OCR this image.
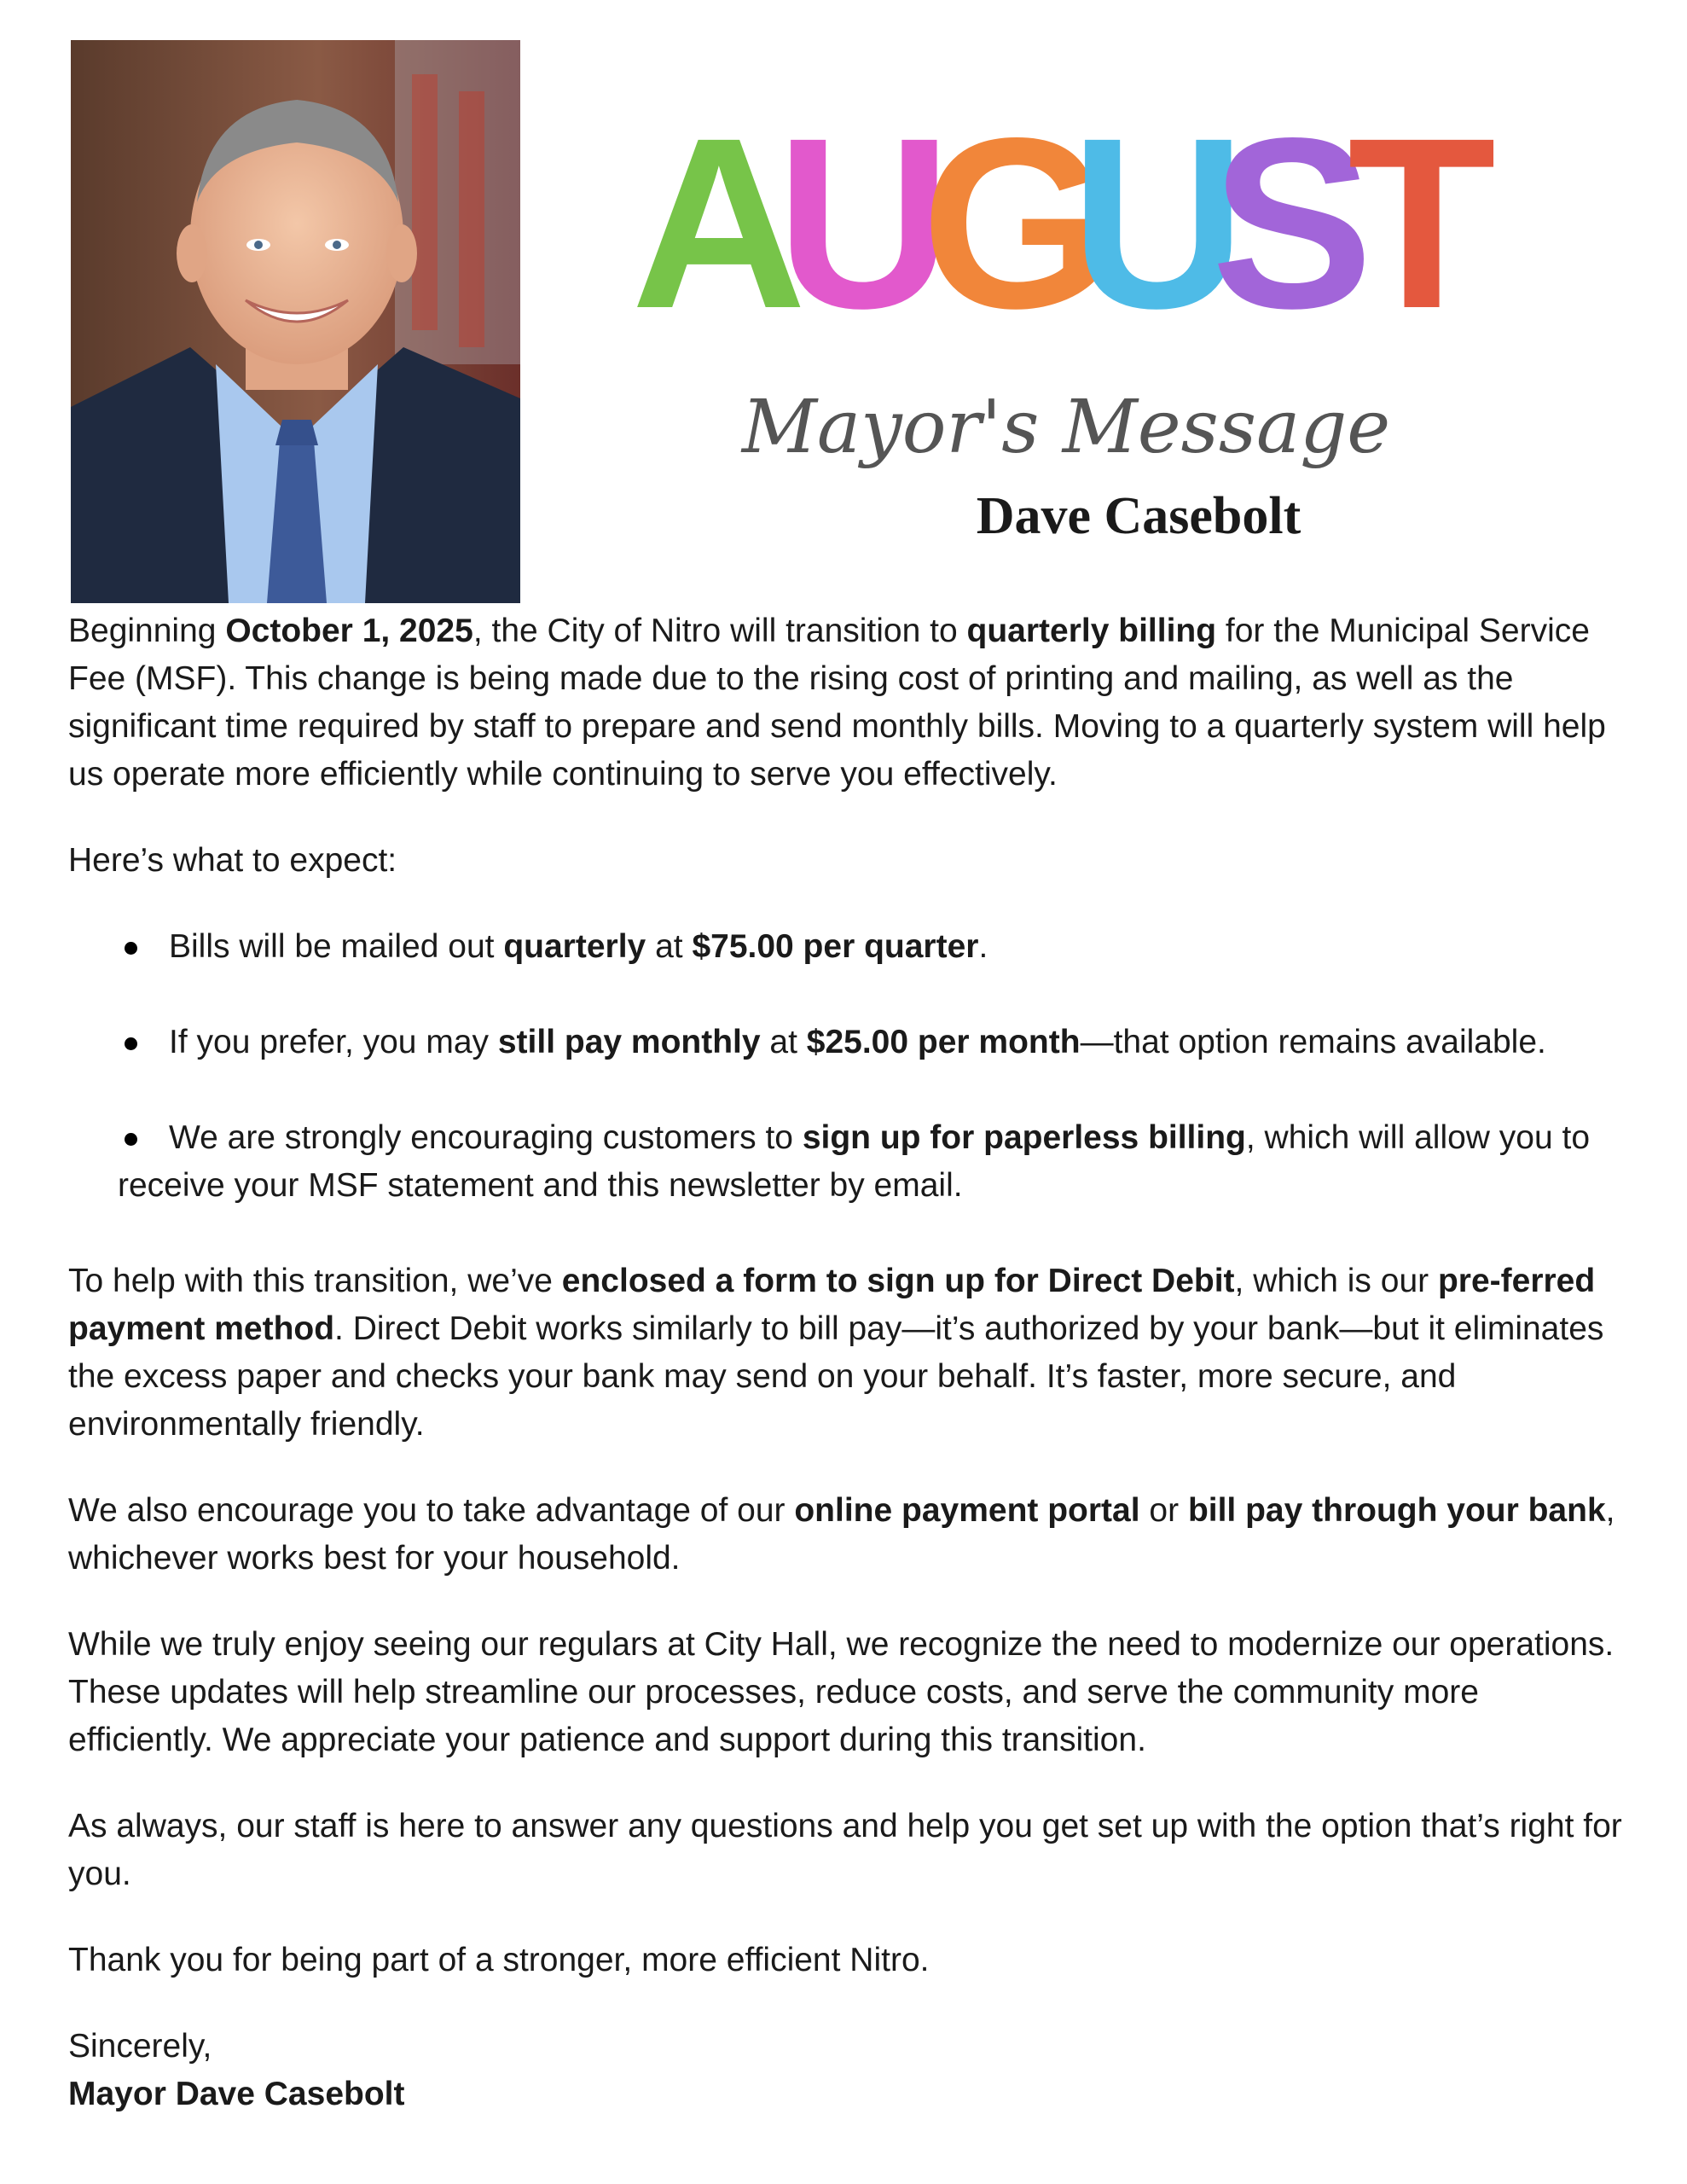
A
U
G
U
S
T
Mayor's Message
Dave Casebolt

Beginning October 1, 2025, the City of Nitro will transition to quarterly billing for the Municipal Service Fee (MSF). This change is being made due to the rising cost of printing and mailing, as well as the significant time required by staff to prepare and send monthly bills. Moving to a quarterly system will help us operate more efficiently while continuing to serve you effectively.

Here’s what to expect:

Bills will be mailed out quarterly at $75.00 per quarter.
If you prefer, you may still pay monthly at $25.00 per month—that option remains available.
We are strongly encouraging customers to sign up for paperless billing, which will allow you to receive your MSF statement and this newsletter by email.

To help with this transition, we’ve enclosed a form to sign up for Direct Debit, which is our pre-ferred payment method. Direct Debit works similarly to bill pay—it’s authorized by your bank—but it eliminates the excess paper and checks your bank may send on your behalf. It’s faster, more secure, and environmentally friendly.

We also encourage you to take advantage of our online payment portal or bill pay through your bank, whichever works best for your household.

While we truly enjoy seeing our regulars at City Hall, we recognize the need to modernize our operations. These updates will help streamline our processes, reduce costs, and serve the community more efficiently. We appreciate your patience and support during this transition.

As always, our staff is here to answer any questions and help you get set up with the option that’s right for you.

Thank you for being part of a stronger, more efficient Nitro.

Sincerely,

Mayor Dave Casebolt
